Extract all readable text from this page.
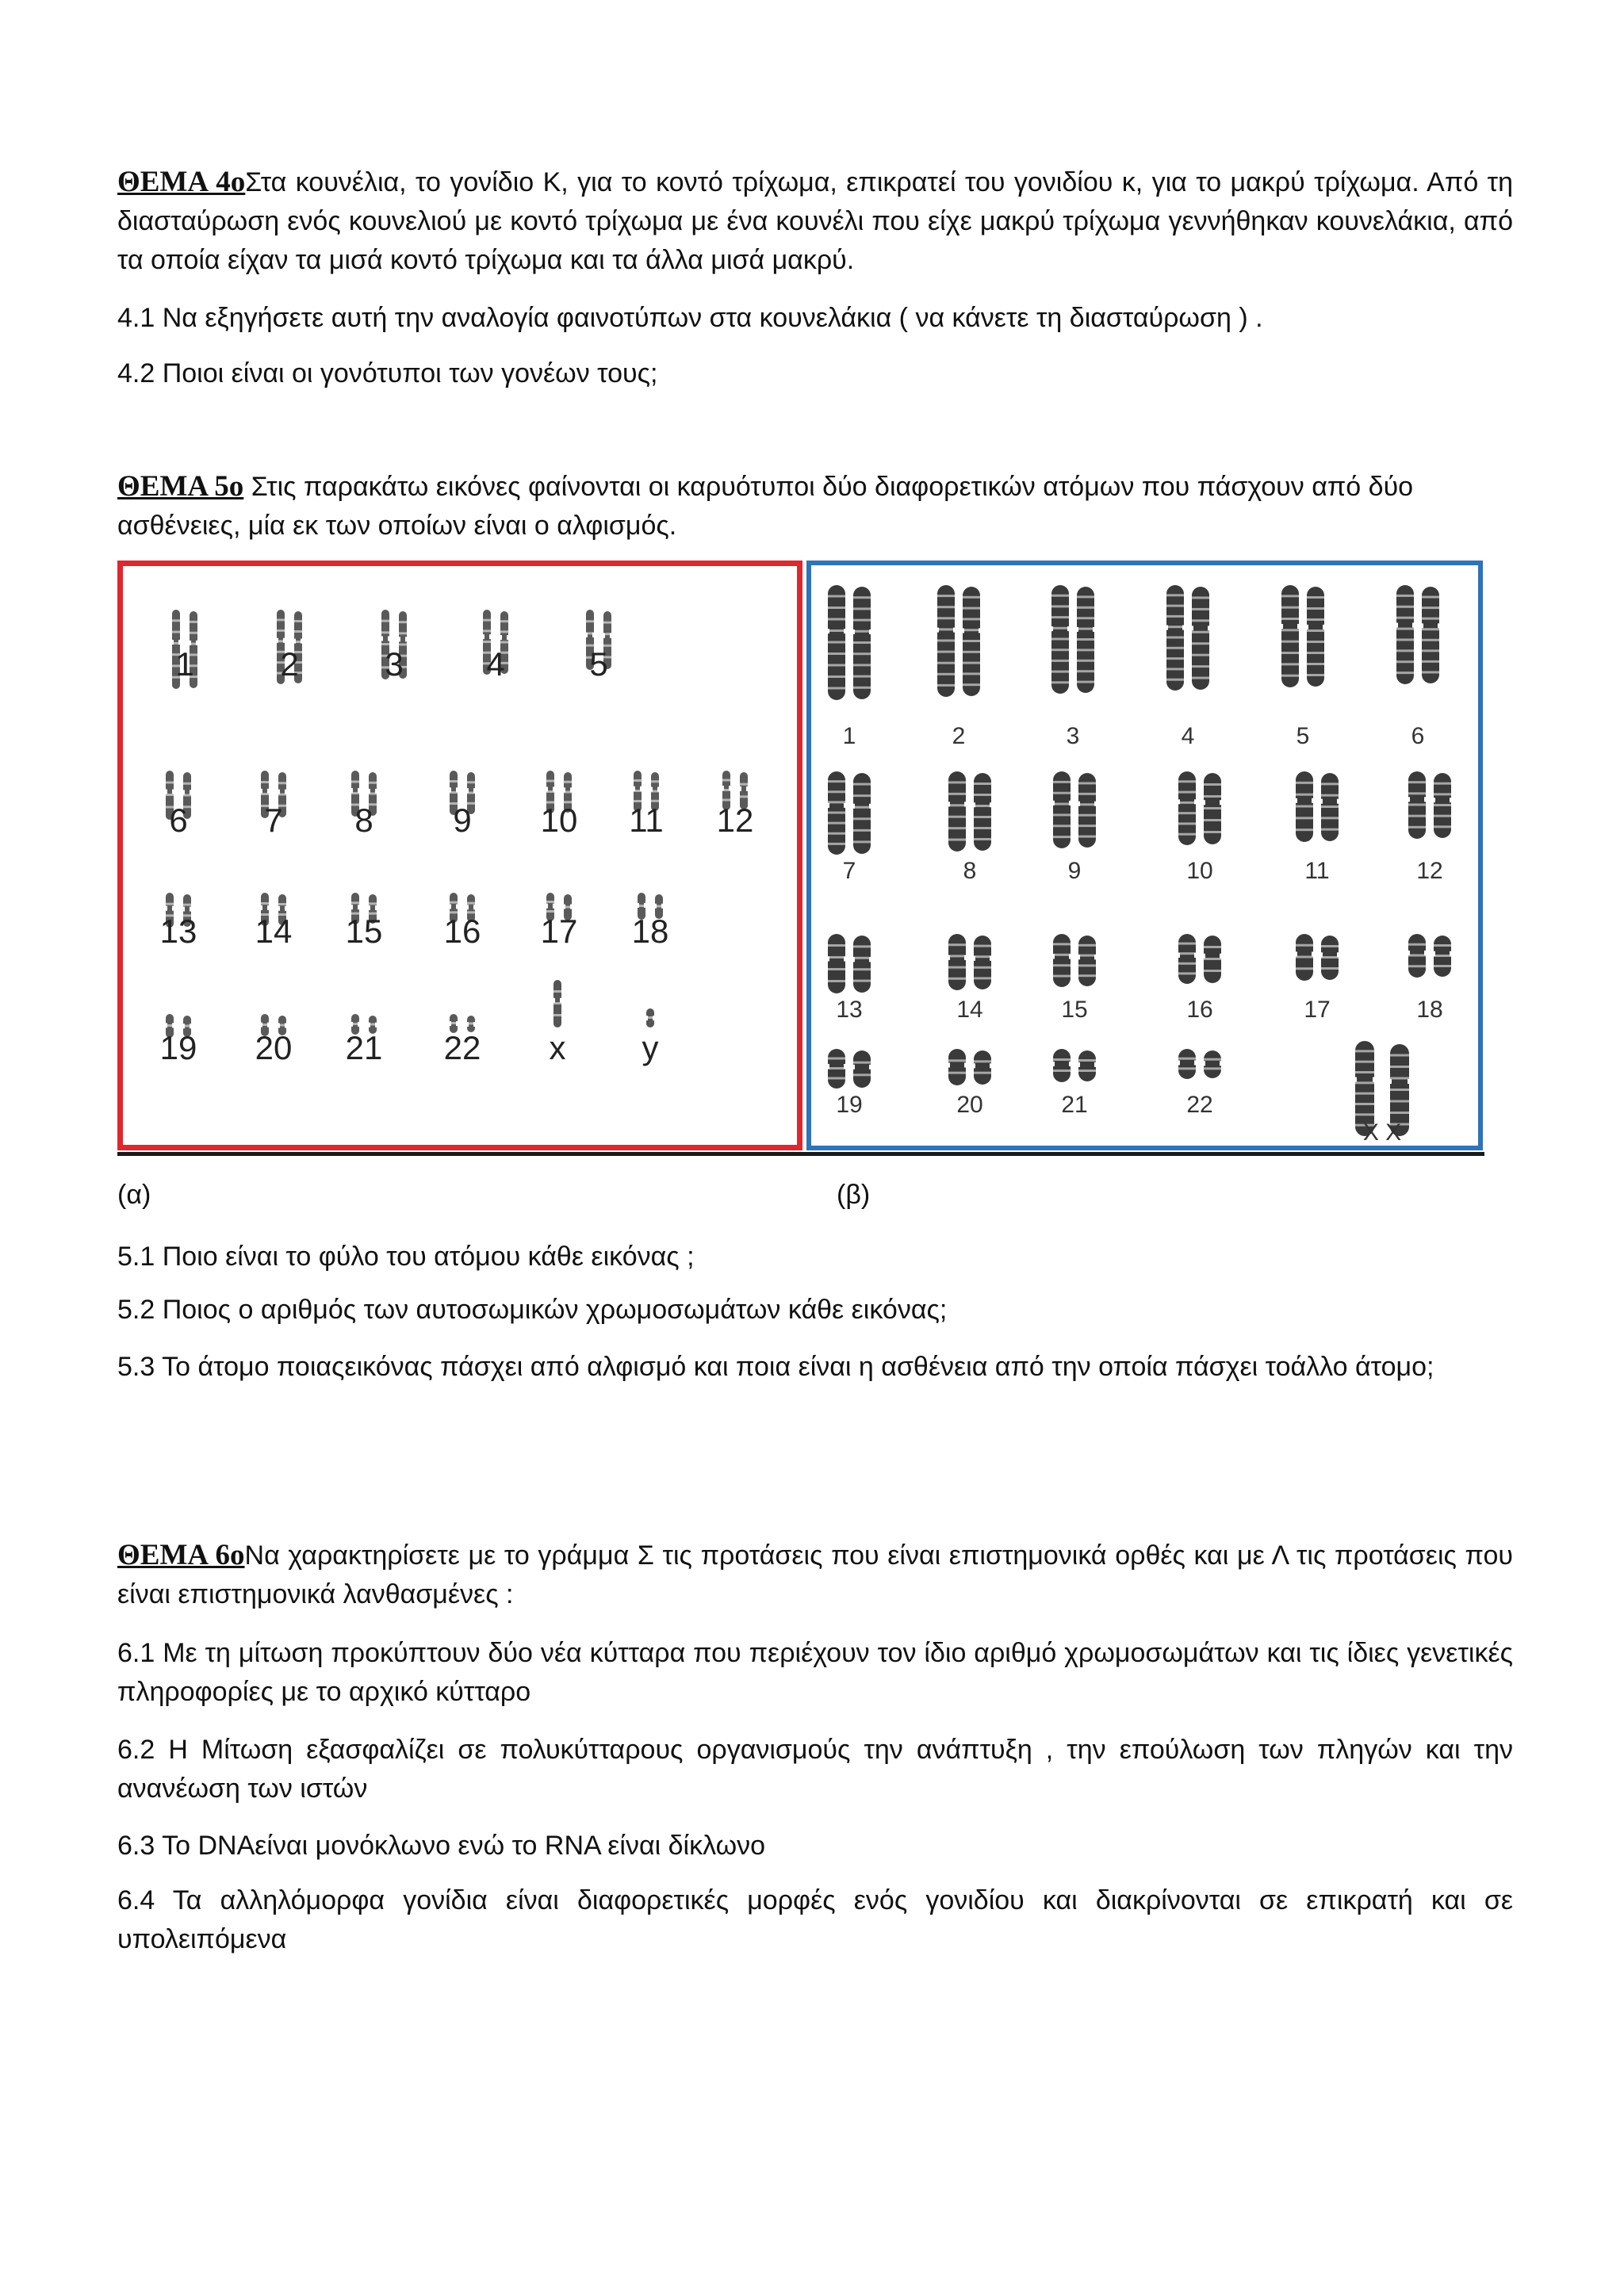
ΘΕΜΑ 4οΣτα κουνέλια, το γονίδιο Κ, για το κοντό τρίχωμα, επικρατεί του γονιδίου κ, για το μακρύ τρίχωμα. Από τη διασταύρωση ενός κουνελιού με κοντό τρίχωμα με ένα κουνέλι που είχε μακρύ τρίχωμα γεννήθηκαν κουνελάκια, από τα οποία είχαν τα μισά κοντό τρίχωμα και τα άλλα μισά μακρύ.

4.1 Να εξηγήσετε αυτή την αναλογία φαινοτύπων στα κουνελάκια ( να κάνετε τη διασταύρωση ) .

4.2 Ποιοι είναι οι γονότυποι των γονέων τους;

ΘΕΜΑ 5ο Στις παρακάτω εικόνες φαίνονται οι καρυότυποι δύο διαφορετικών ατόμων που πάσχουν από δύο ασθένειες, μία εκ των οποίων είναι ο αλφισμός.

1	2	3 4	5
6 7 8 9 10 11 12
13 14 15 16 17 18
19 20 21 22 x y
1	2	3	4	5	6
7	8	9	10	11	12
13	14	15	16	17	18
19	20	21	22
X X
(α)	(β)

5.1 Ποιο είναι το φύλο του ατόμου κάθε εικόνας ;

5.2 Ποιος ο αριθμός των αυτοσωμικών χρωμοσωμάτων κάθε εικόνας;

5.3 Το άτομο ποιαςεικόνας πάσχει από αλφισμό και ποια είναι η ασθένεια από την οποία πάσχει τοάλλο άτομο;

ΘΕΜΑ 6οΝα χαρακτηρίσετε με το γράμμα Σ τις προτάσεις που είναι επιστημονικά ορθές και με Λ τις προτάσεις που είναι επιστημονικά λανθασμένες :

6.1 Με τη μίτωση προκύπτουν δύο νέα κύτταρα που περιέχουν τον ίδιο αριθμό χρωμοσωμάτων και τις ίδιες γενετικές πληροφορίες με το αρχικό κύτταρο

6.2 Η Μίτωση εξασφαλίζει σε πολυκύτταρους οργανισμούς την ανάπτυξη , την επούλωση των πληγών και την ανανέωση των ιστών

6.3 Το DNAείναι μονόκλωνο ενώ το RNA είναι δίκλωνο

6.4 Τα αλληλόμορφα γονίδια είναι διαφορετικές μορφές ενός γονιδίου και διακρίνονται σε επικρατή και σε υπολειπόμενα
